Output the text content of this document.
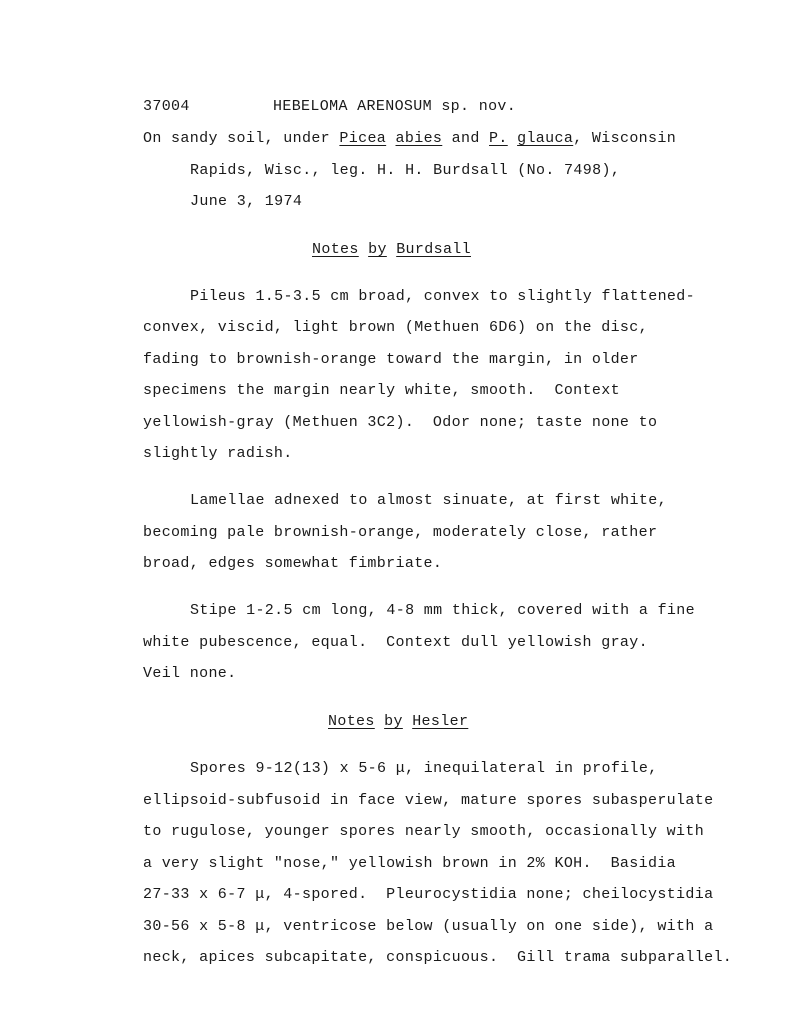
37004	HEBELOMA ARENOSUM sp. nov.
On sandy soil, under Picea abies and P. glauca, Wisconsin
Rapids, Wisc., leg. H. H. Burdsall (No. 7498),
June 3, 1974
Notes by Burdsall
Pileus 1.5-3.5 cm broad, convex to slightly flattened-
convex, viscid, light brown (Methuen 6D6) on the disc,
fading to brownish-orange toward the margin, in older
specimens the margin nearly white, smooth.  Context
yellowish-gray (Methuen 3C2).  Odor none; taste none to
slightly radish.
Lamellae adnexed to almost sinuate, at first white,
becoming pale brownish-orange, moderately close, rather
broad, edges somewhat fimbriate.
Stipe 1-2.5 cm long, 4-8 mm thick, covered with a fine
white pubescence, equal.  Context dull yellowish gray.
Veil none.
Notes by Hesler
Spores 9-12(13) x 5-6 μ, inequilateral in profile,
ellipsoid-subfusoid in face view, mature spores subasperulate
to rugulose, younger spores nearly smooth, occasionally with
a very slight "nose," yellowish brown in 2% KOH.  Basidia
27-33 x 6-7 μ, 4-spored.  Pleurocystidia none; cheilocystidia
30-56 x 5-8 μ, ventricose below (usually on one side), with a
neck, apices subcapitate, conspicuous.  Gill trama subparallel.
